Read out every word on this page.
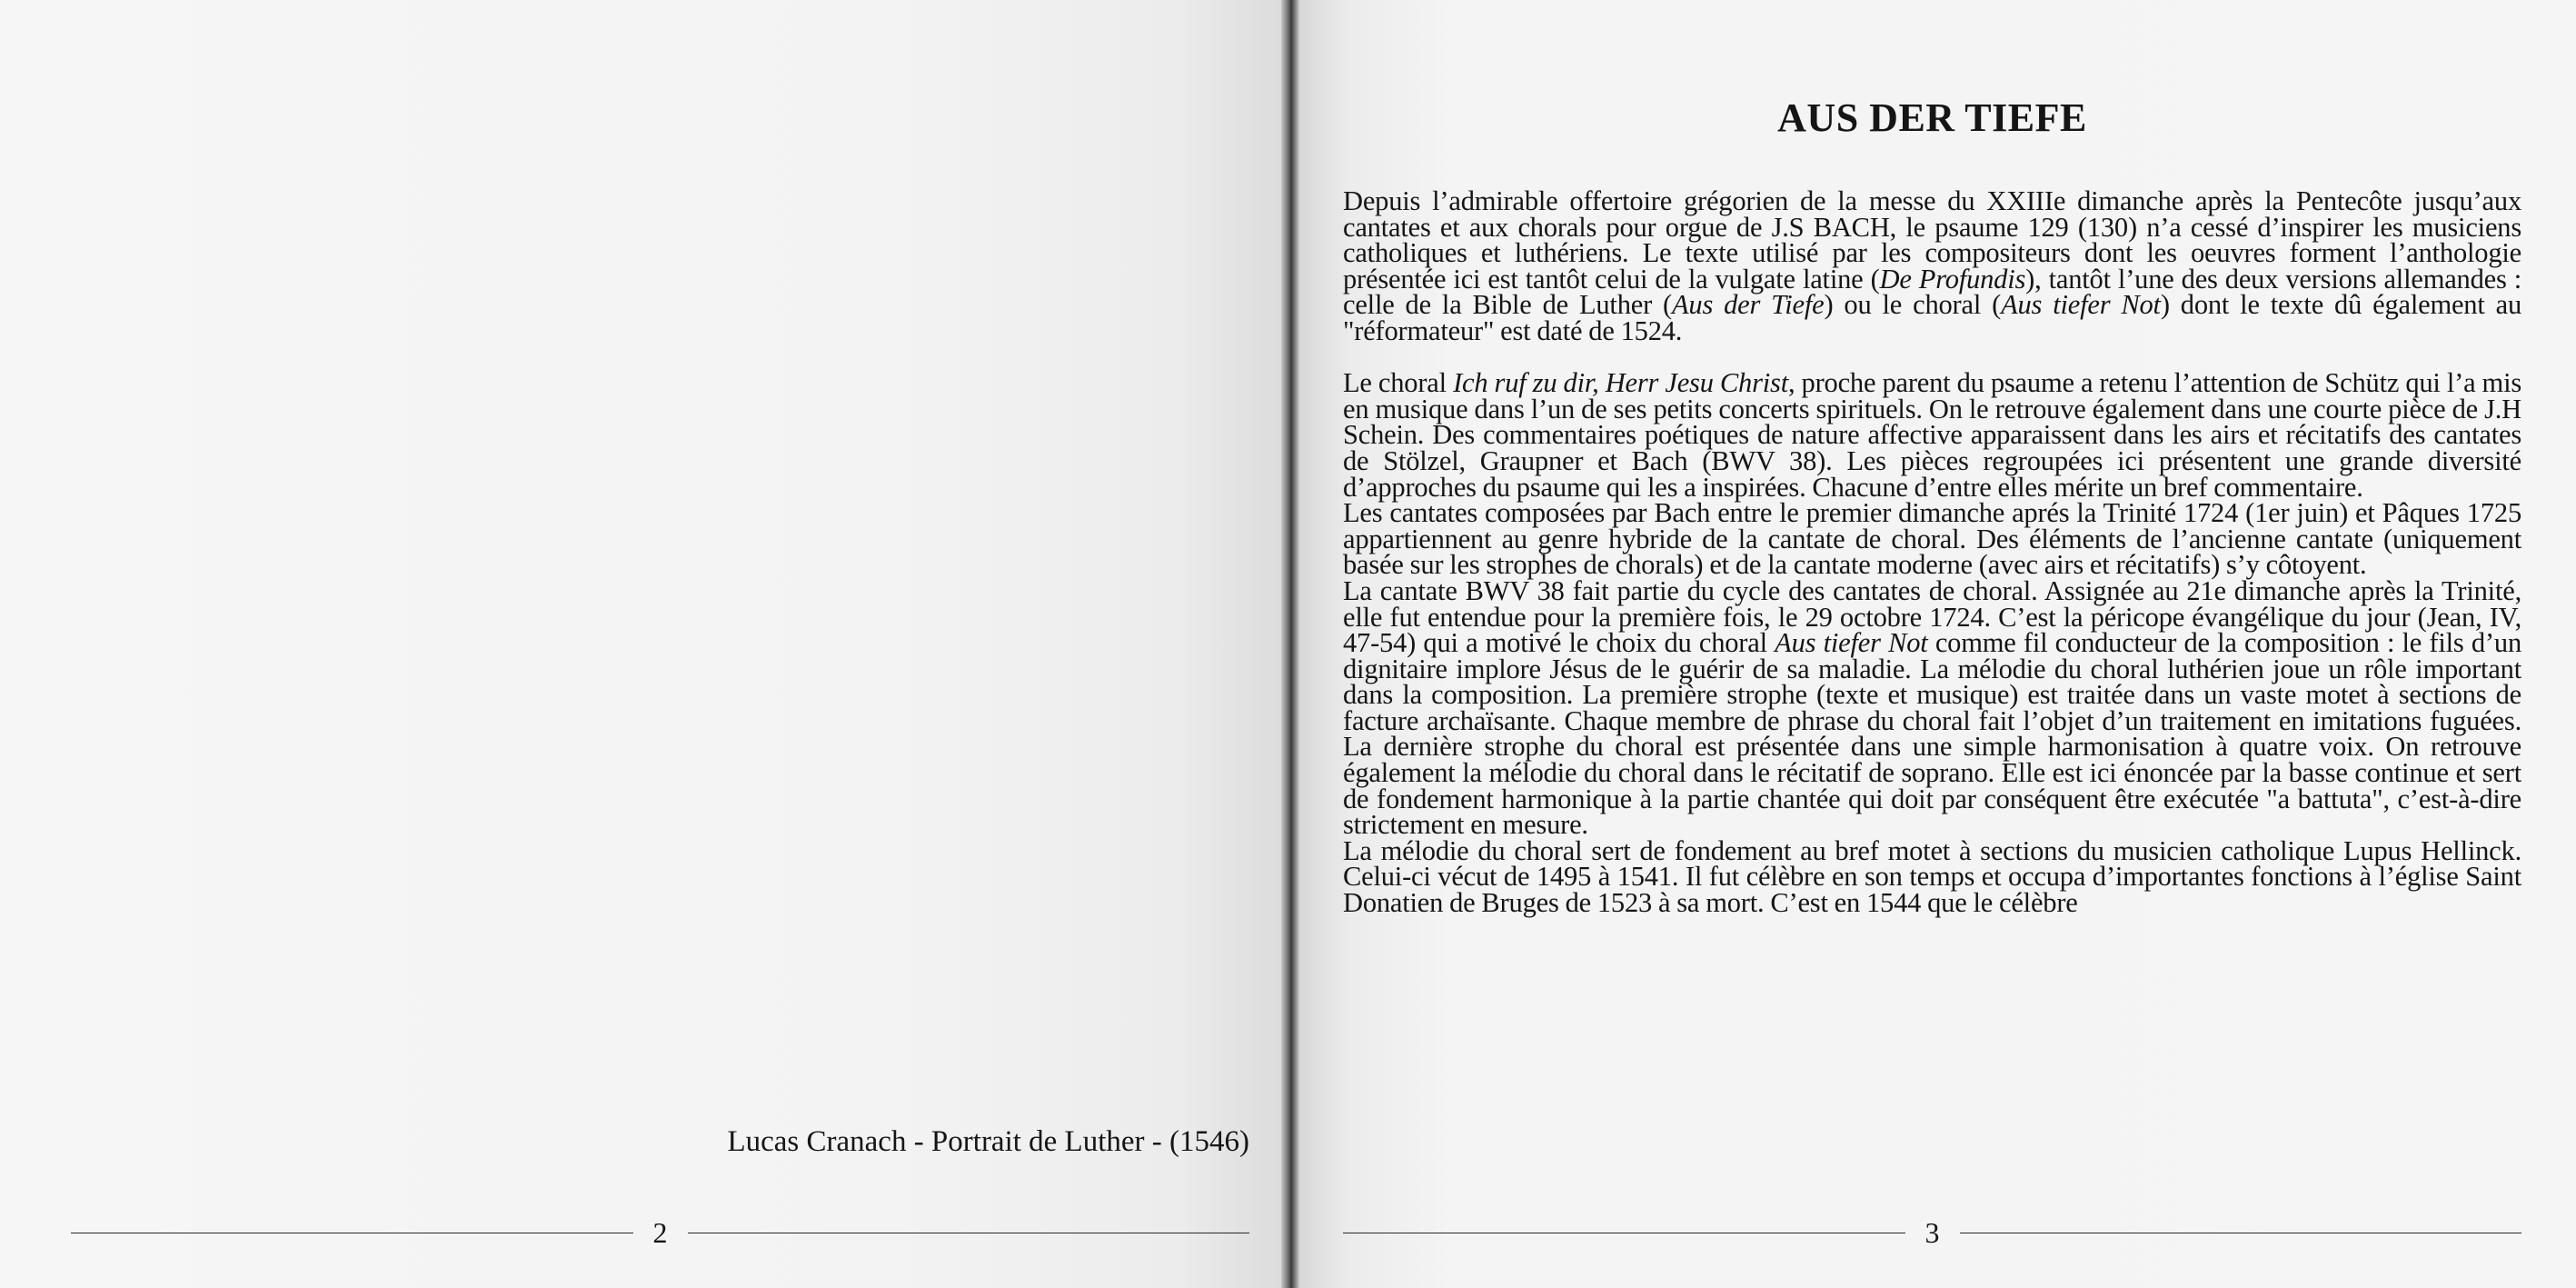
Lucas Cranach - Portrait de Luther - (1546)
2
AUS DER TIEFE

Depuis l’admirable offertoire grégorien de la messe du XXIIIe dimanche après la Pentecôte jusqu’aux cantates et aux chorals pour orgue de J.S BACH, le psaume 129 (130) n’a cessé d’inspirer les musiciens catholiques et luthériens. Le texte utilisé par les compositeurs dont les oeuvres forment l’anthologie présentée ici est tantôt celui de la vulgate latine (De Profundis), tantôt l’une des deux versions allemandes : celle de la Bible de Luther (Aus der Tiefe) ou le choral (Aus tiefer Not) dont le texte dû également au "réformateur" est daté de 1524.

Le choral Ich ruf zu dir, Herr Jesu Christ, proche parent du psaume a retenu l’attention de Schütz qui l’a mis en musique dans l’un de ses petits concerts spirituels. On le retrouve également dans une courte pièce de J.H Schein. Des commentaires poétiques de nature affective apparaissent dans les airs et récitatifs des cantates de Stölzel, Graupner et Bach (BWV 38). Les pièces regroupées ici présentent une grande diversité d’approches du psaume qui les a inspirées. Chacune d’entre elles mérite un bref commentaire.

Les cantates composées par Bach entre le premier dimanche aprés la Trinité 1724 (1er juin) et Pâques 1725 appartiennent au genre hybride de la cantate de choral. Des éléments de l’ancienne cantate (uniquement basée sur les strophes de chorals) et de la cantate moderne (avec airs et récitatifs) s’y côtoyent.

La cantate BWV 38 fait partie du cycle des cantates de choral. Assignée au 21e dimanche après la Trinité, elle fut entendue pour la première fois, le 29 octobre 1724. C’est la péricope évangélique du jour (Jean, IV, 47-54) qui a motivé le choix du choral Aus tiefer Not comme fil conducteur de la composition : le fils d’un dignitaire implore Jésus de le guérir de sa maladie. La mélodie du choral luthérien joue un rôle important dans la composition. La première strophe (texte et musique) est traitée dans un vaste motet à sections de facture archaïsante. Chaque membre de phrase du choral fait l’objet d’un traitement en imitations fuguées. La dernière strophe du choral est présentée dans une simple harmonisation à quatre voix. On retrouve également la mélodie du choral dans le récitatif de soprano. Elle est ici énoncée par la basse continue et sert de fondement harmonique à la partie chantée qui doit par conséquent être exécutée "a battuta", c’est-à-dire strictement en mesure.

La mélodie du choral sert de fondement au bref motet à sections du musicien catholique Lupus Hellinck. Celui-ci vécut de 1495 à 1541. Il fut célèbre en son temps et occupa d’importantes fonctions à l’église Saint Donatien de Bruges de 1523 à sa mort. C’est en 1544 que le célèbre

3
